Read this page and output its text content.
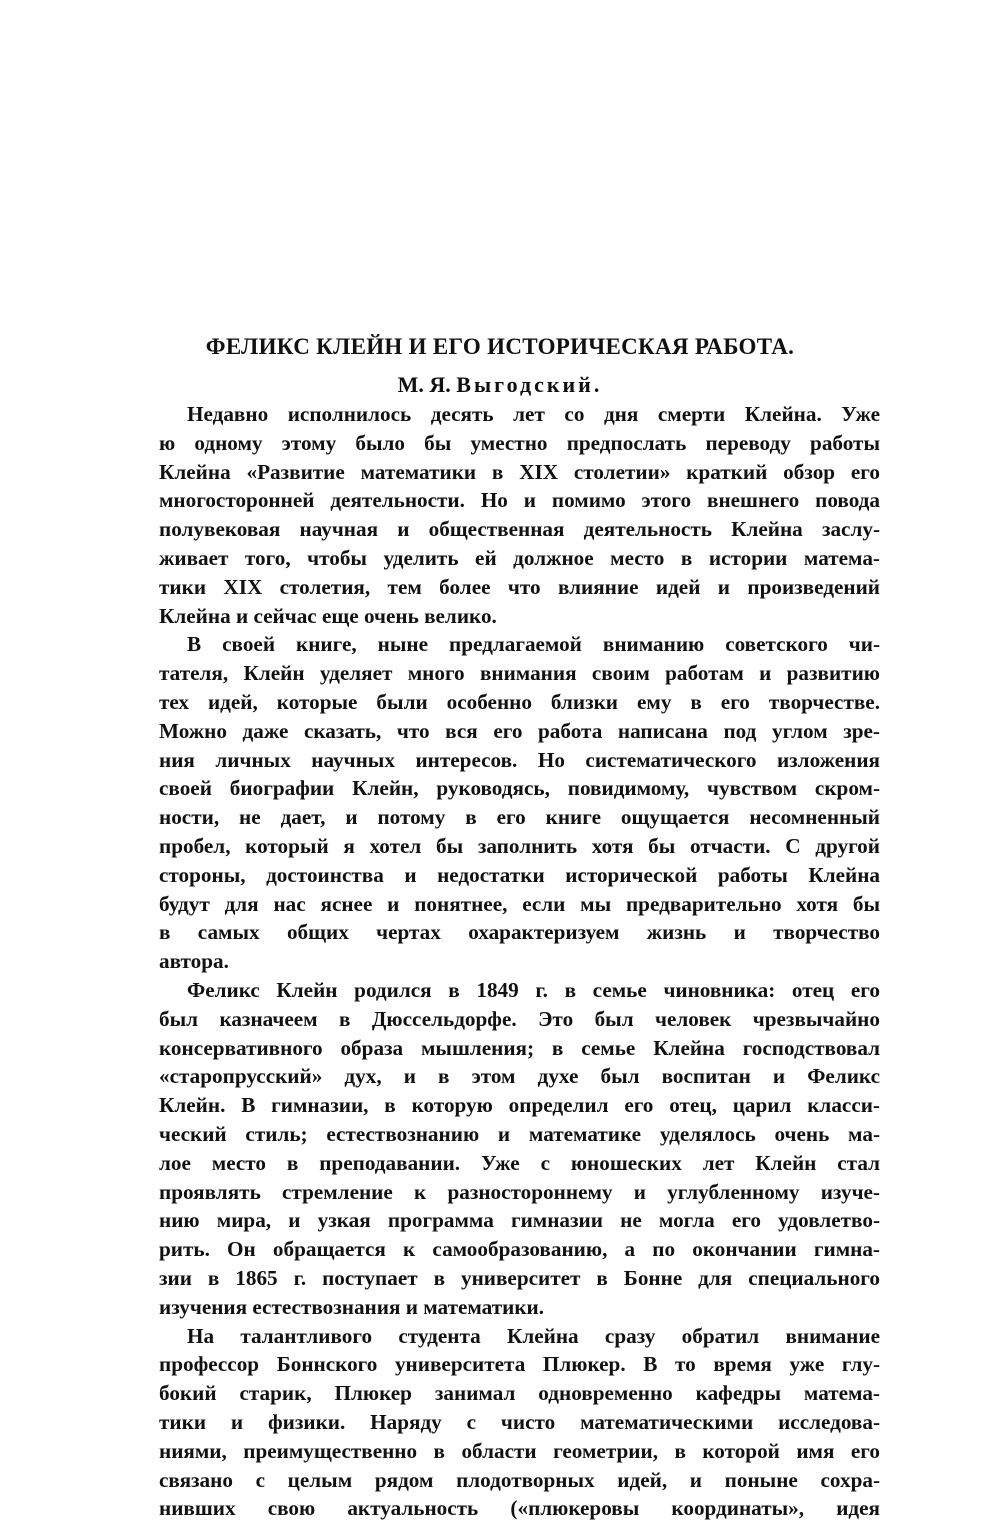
ФЕЛИКС КЛЕЙН И ЕГО ИСТОРИЧЕСКАЯ РАБОТА.
М. Я. Выгодский.
Недавно исполнилось десять лет со дня смерти Клейна. Уже
ю одному этому было бы уместно предпослать переводу работы
Клейна «Развитие математики в XIX столетии» краткий обзор его
многосторонней деятельности. Но и помимо этого внешнего повода
полувековая научная и общественная деятельность Клейна заслу-
живает того, чтобы уделить ей должное место в истории матема-
тики XIX столетия, тем более что влияние идей и произведений
Клейна и сейчас еще очень велико.
В своей книге, ныне предлагаемой вниманию советского чи-
тателя, Клейн уделяет много внимания своим работам и развитию
тех идей, которые были особенно близки ему в его творчестве.
Можно даже сказать, что вся его работа написана под углом зре-
ния личных научных интересов. Но систематического изложения
своей биографии Клейн, руководясь, повидимому, чувством скром-
ности, не дает, и потому в его книге ощущается несомненный
пробел, который я хотел бы заполнить хотя бы отчасти. С другой
стороны, достоинства и недостатки исторической работы Клейна
будут для нас яснее и понятнее, если мы предварительно хотя бы
в самых общих чертах охарактеризуем жизнь и творчество
автора.
Феликс Клейн родился в 1849 г. в семье чиновника: отец его
был казначеем в Дюссельдорфе. Это был человек чрезвычайно
консервативного образа мышления; в семье Клейна господствовал
«старопрусский» дух, и в этом духе был воспитан и Феликс
Клейн. В гимназии, в которую определил его отец, царил класси-
ческий стиль; естествознанию и математике уделялось очень ма-
лое место в преподавании. Уже с юношеских лет Клейн стал
проявлять стремление к разностороннему и углубленному изуче-
нию мира, и узкая программа гимназии не могла его удовлетво-
рить. Он обращается к самообразованию, а по окончании гимна-
зии в 1865 г. поступает в университет в Бонне для специального
изучения естествознания и математики.
На талантливого студента Клейна сразу обратил внимание
профессор Боннского университета Плюкер. В то время уже глу-
бокий старик, Плюкер занимал одновременно кафедры матема-
тики и физики. Наряду с чисто математическими исследова-
ниями, преимущественно в области геометрии, в которой имя его
связано с целым рядом плодотворных идей, и поныне сохра-
нивших свою актуальность («плюкеровы координаты», идея
